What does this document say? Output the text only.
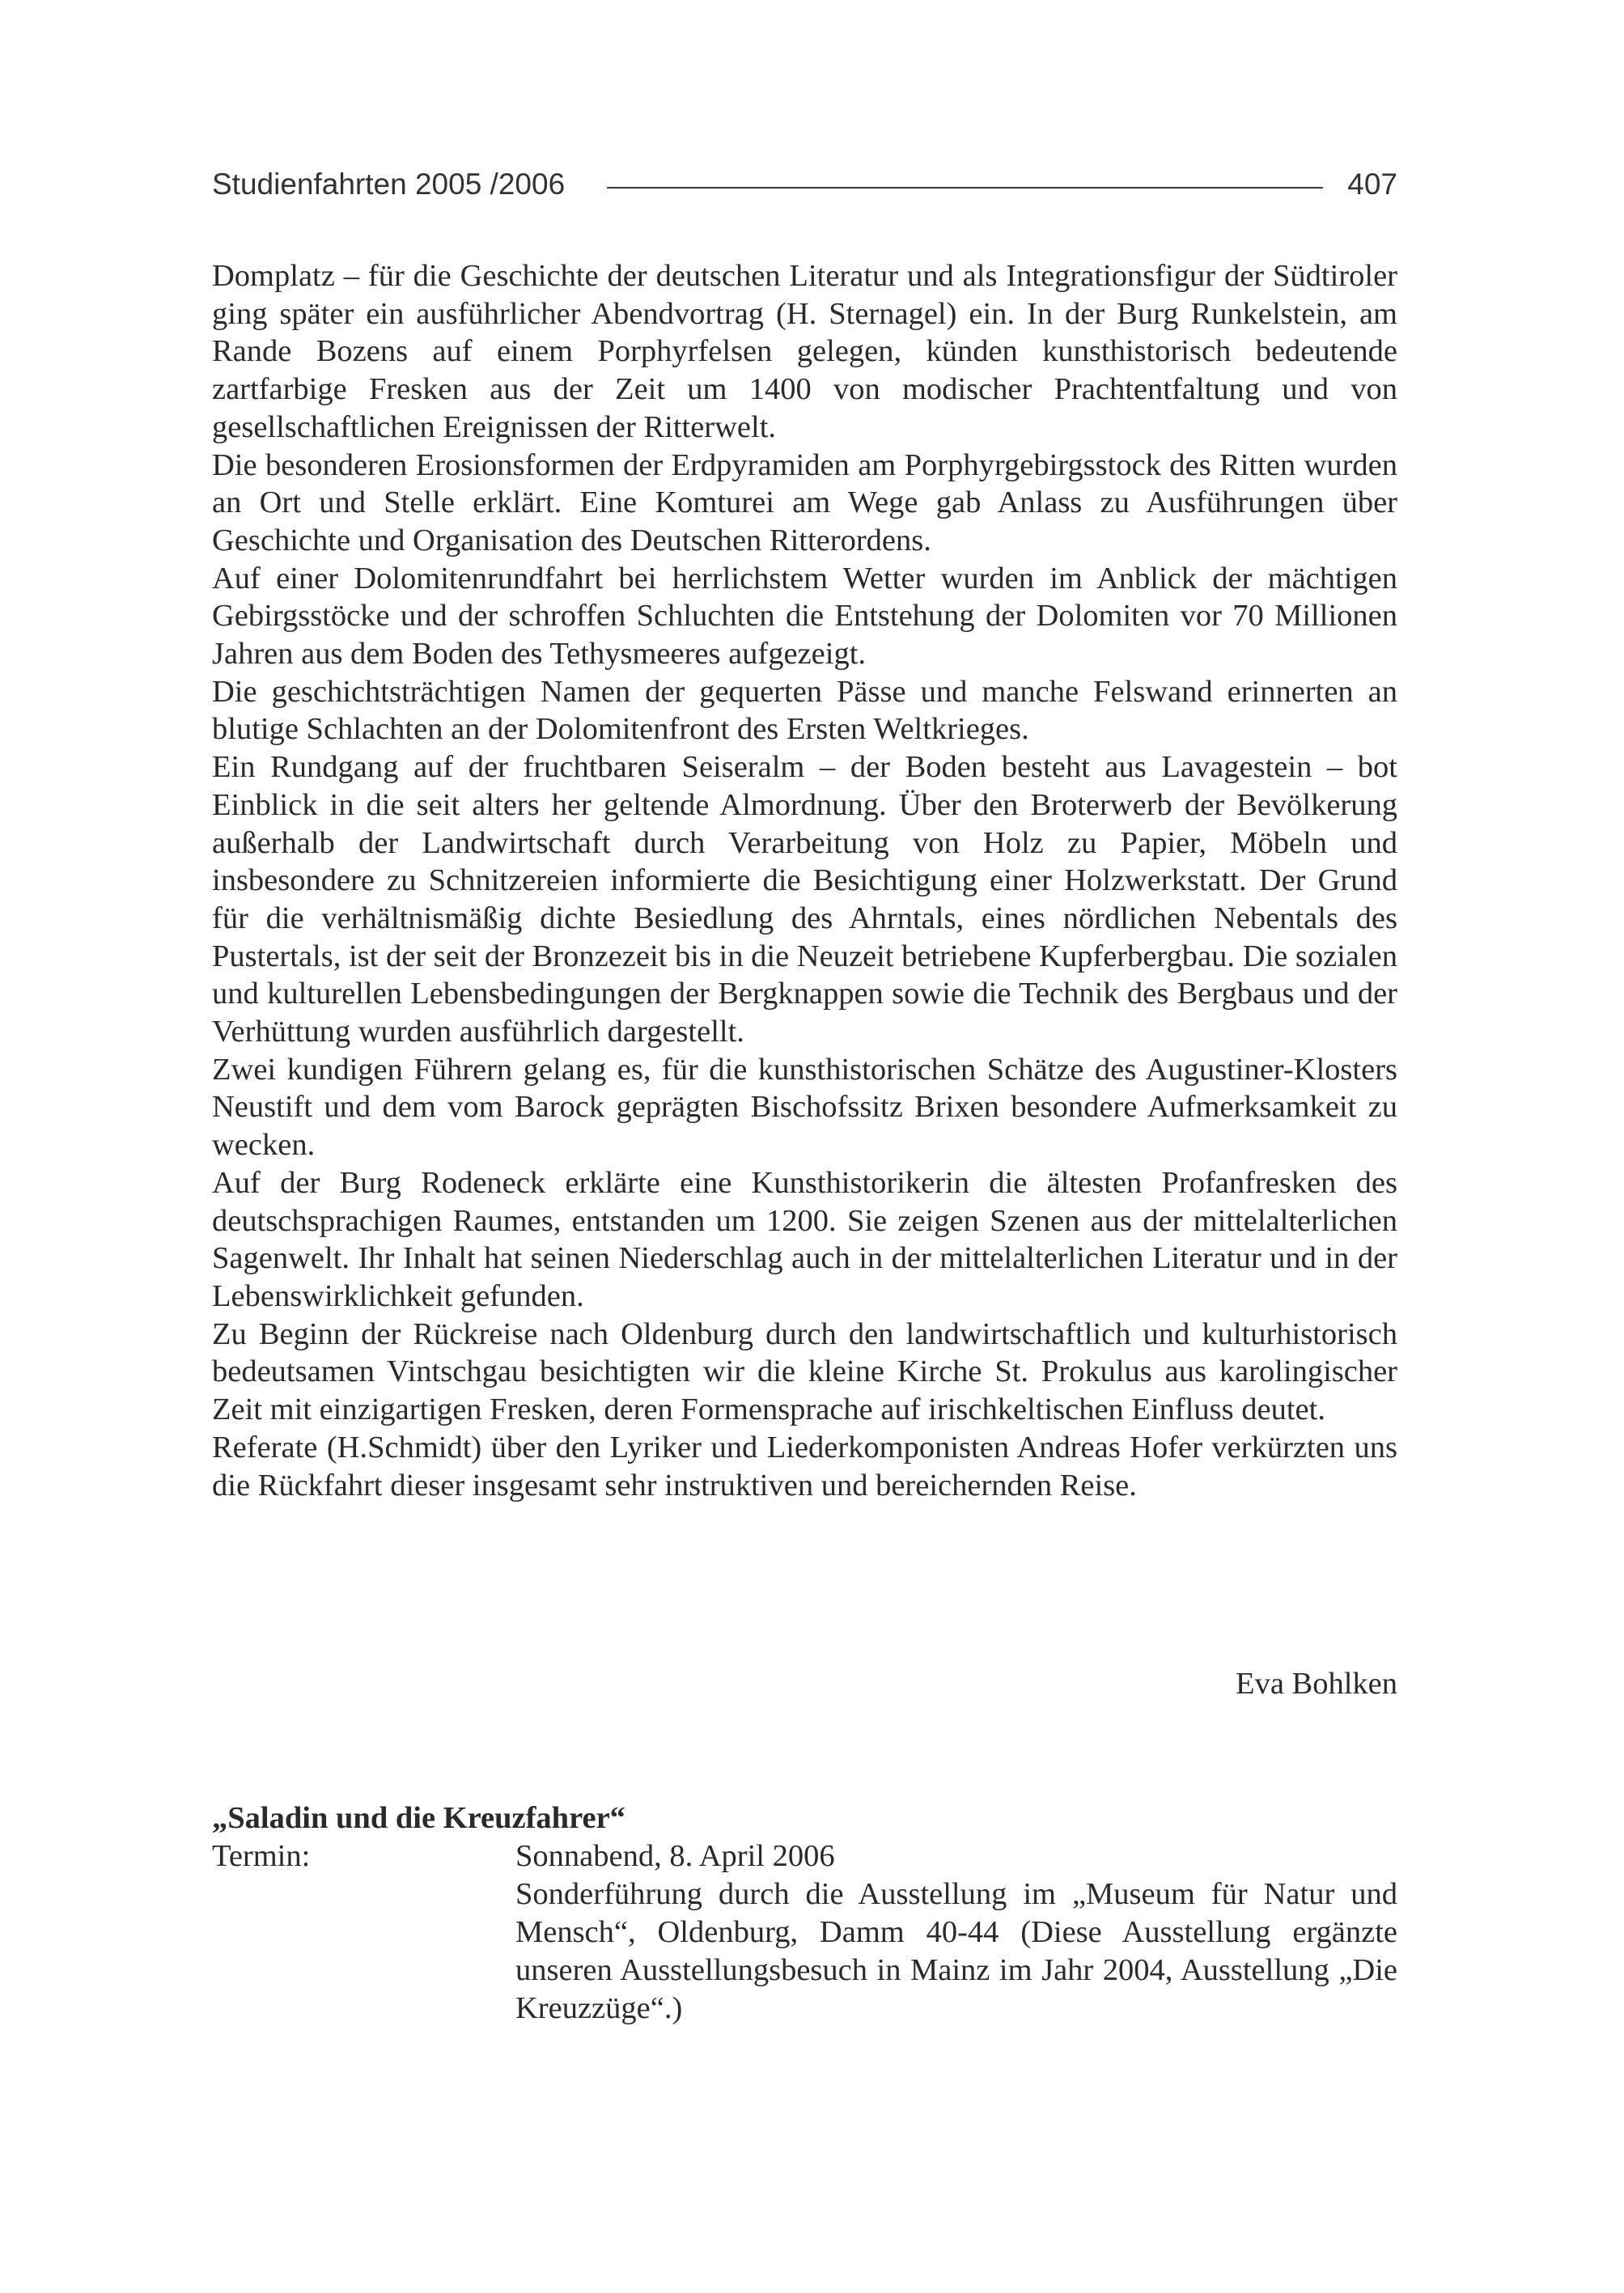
Studienfahrten 2005 /2006	407

Domplatz – für die Geschichte der deutschen Literatur und als Integrationsfigur der Südtiroler ging später ein ausführlicher Abendvortrag (H. Sternagel) ein. In der Burg Runkelstein, am Rande Bozens auf einem Porphyrfelsen gelegen, künden kunsthistorisch bedeutende zartfarbige Fresken aus der Zeit um 1400 von modischer Prachtentfaltung und von gesellschaftlichen Ereignissen der Ritterwelt.

Die besonderen Erosionsformen der Erdpyramiden am Porphyrgebirgsstock des Ritten wurden an Ort und Stelle erklärt. Eine Komturei am Wege gab Anlass zu Ausführungen über Geschichte und Organisation des Deutschen Ritterordens.

Auf einer Dolomitenrundfahrt bei herrlichstem Wetter wurden im Anblick der mächtigen Gebirgsstöcke und der schroffen Schluchten die Entstehung der Dolomiten vor 70 Millionen Jahren aus dem Boden des Tethysmeeres aufgezeigt.

Die geschichtsträchtigen Namen der gequerten Pässe und manche Felswand erinnerten an blutige Schlachten an der Dolomitenfront des Ersten Weltkrieges.

Ein Rundgang auf der fruchtbaren Seiseralm – der Boden besteht aus Lavagestein – bot Einblick in die seit alters her geltende Almordnung. Über den Broterwerb der Bevölkerung außerhalb der Landwirtschaft durch Verarbeitung von Holz zu Papier, Möbeln und insbesondere zu Schnitzereien informierte die Besichtigung einer Holzwerkstatt. Der Grund für die verhältnismäßig dichte Besiedlung des Ahrntals, eines nördlichen Nebentals des Pustertals, ist der seit der Bronzezeit bis in die Neuzeit betriebene Kupferbergbau. Die sozialen und kulturellen Lebensbedingungen der Bergknappen sowie die Technik des Bergbaus und der Verhüttung wurden ausführlich dargestellt.

Zwei kundigen Führern gelang es, für die kunsthistorischen Schätze des Augustiner-Klosters Neustift und dem vom Barock geprägten Bischofssitz Brixen besondere Aufmerksamkeit zu wecken.

Auf der Burg Rodeneck erklärte eine Kunsthistorikerin die ältesten Profanfresken des deutschsprachigen Raumes, entstanden um 1200. Sie zeigen Szenen aus der mittelalterlichen Sagenwelt. Ihr Inhalt hat seinen Niederschlag auch in der mittelalterlichen Literatur und in der Lebenswirklichkeit gefunden.

Zu Beginn der Rückreise nach Oldenburg durch den landwirtschaftlich und kulturhistorisch bedeutsamen Vintschgau besichtigten wir die kleine Kirche St. Prokulus aus karolingischer Zeit mit einzigartigen Fresken, deren Formensprache auf irischkeltischen Einfluss deutet.

Referate (H.Schmidt) über den Lyriker und Liederkomponisten Andreas Hofer verkürzten uns die Rückfahrt dieser insgesamt sehr instruktiven und bereichernden Reise.

Eva Bohlken

„Saladin und die Kreuzfahrer“

Termin:	Sonnabend, 8. April 2006
Sonderführung durch die Ausstellung im „Museum für Natur und Mensch“, Oldenburg, Damm 40-44 (Diese Ausstellung ergänzte unseren Ausstellungsbesuch in Mainz im Jahr 2004, Ausstellung „Die Kreuzzüge“.)
